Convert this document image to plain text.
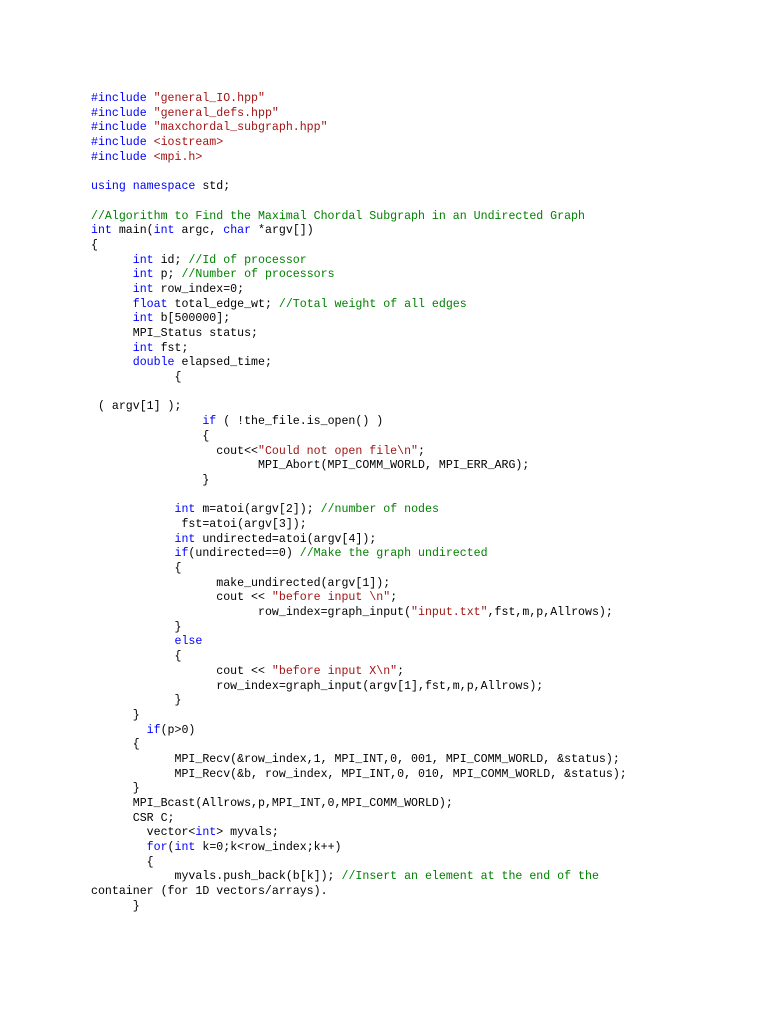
#include "general_IO.hpp"
#include "general_defs.hpp"
#include "maxchordal_subgraph.hpp"
#include <iostream>
#include <mpi.h>
using namespace std;
//Algorithm to Find the Maximal Chordal Subgraph in an Undirected Graph
int main(int argc, char *argv[])
{
int id; //Id of processor
int p; //Number of processors
int row_index=0;
float total_edge_wt; //Total weight of all edges
int b[500000];
MPI_Status status;
int fst;
double elapsed_time;
{
( argv[1] );
if ( !the_file.is_open() )
{
cout<<"Could not open file\n";
MPI_Abort(MPI_COMM_WORLD, MPI_ERR_ARG);
}
int m=atoi(argv[2]); //number of nodes
fst=atoi(argv[3]);
int undirected=atoi(argv[4]);
if(undirected==0) //Make the graph undirected
{
make_undirected(argv[1]);
cout << "before input \n";
row_index=graph_input("input.txt",fst,m,p,Allrows);
}
else
{
cout << "before input X\n";
row_index=graph_input(argv[1],fst,m,p,Allrows);
}
}
if(p>0)
{
MPI_Recv(&row_index,1, MPI_INT,0, 001, MPI_COMM_WORLD, &status);
MPI_Recv(&b, row_index, MPI_INT,0, 010, MPI_COMM_WORLD, &status);
}
MPI_Bcast(Allrows,p,MPI_INT,0,MPI_COMM_WORLD);
CSR C;
vector<int> myvals;
for(int k=0;k<row_index;k++)
{
myvals.push_back(b[k]); //Insert an element at the end of the
container (for 1D vectors/arrays).
}
